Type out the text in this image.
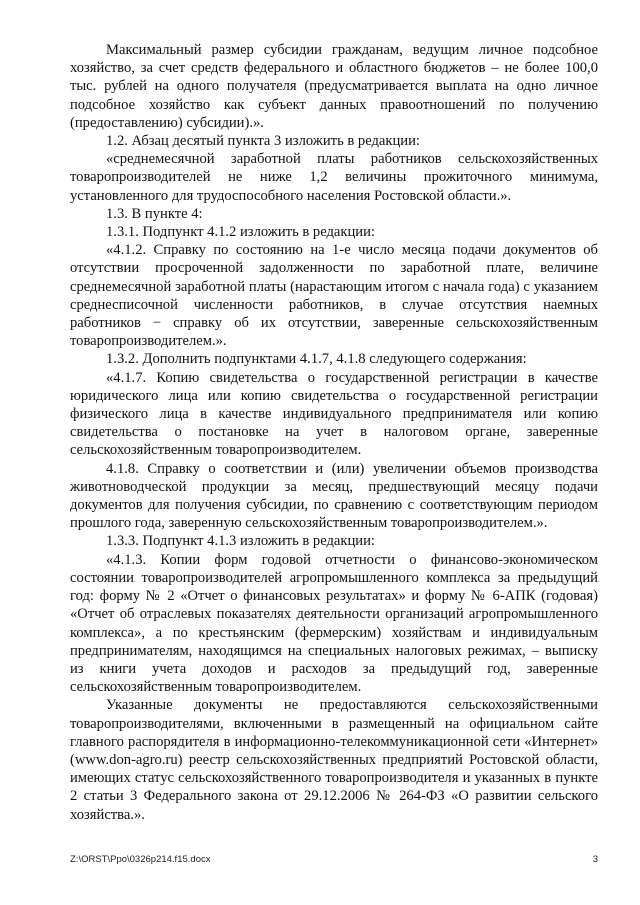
Максимальный размер субсидии гражданам, ведущим личное подсобное хозяйство, за счет средств федерального и областного бюджетов – не более 100,0 тыс. рублей на одного получателя (предусматривается выплата на одно личное подсобное хозяйство как субъект данных правоотношений по получению (предоставлению) субсидии).».

1.2. Абзац десятый пункта 3 изложить в редакции:

«среднемесячной заработной платы работников сельскохозяйственных товаропроизводителей не ниже 1,2 величины прожиточного минимума, установленного для трудоспособного населения Ростовской области.».

1.3. В пункте 4:

1.3.1. Подпункт 4.1.2 изложить в редакции:

«4.1.2. Справку по состоянию на 1-е число месяца подачи документов об отсутствии просроченной задолженности по заработной плате, величине среднемесячной заработной платы (нарастающим итогом с начала года) с указанием среднесписочной численности работников, в случае отсутствия наемных работников − справку об их отсутствии, заверенные сельскохозяйственным товаропроизводителем.».

1.3.2. Дополнить подпунктами 4.1.7, 4.1.8 следующего содержания:

«4.1.7. Копию свидетельства о государственной регистрации в качестве юридического лица или копию свидетельства о государственной регистрации физического лица в качестве индивидуального предпринимателя или копию свидетельства о постановке на учет в налоговом органе, заверенные сельскохозяйственным товаропроизводителем.

4.1.8. Справку о соответствии и (или) увеличении объемов производства животноводческой продукции за месяц, предшествующий месяцу подачи документов для получения субсидии, по сравнению с соответствующим периодом прошлого года, заверенную сельскохозяйственным товаропроизводителем.».

1.3.3. Подпункт 4.1.3 изложить в редакции:

«4.1.3. Копии форм годовой отчетности о финансово-экономическом состоянии товаропроизводителей агропромышленного комплекса за предыдущий год: форму № 2 «Отчет о финансовых результатах» и форму № 6-АПК (годовая) «Отчет об отраслевых показателях деятельности организаций агропромышленного комплекса», а по крестьянским (фермерским) хозяйствам и индивидуальным предпринимателям, находящимся на специальных налоговых режимах, – выписку из книги учета доходов и расходов за предыдущий год, заверенные сельскохозяйственным товаропроизводителем.

Указанные документы не предоставляются сельскохозяйственными товаропроизводителями, включенными в размещенный на официальном сайте главного распорядителя в информационно-телекоммуникационной сети «Интернет» (www.don-agro.ru) реестр сельскохозяйственных предприятий Ростовской области, имеющих статус сельскохозяйственного товаропроизводителя и указанных в пункте 2 статьи 3 Федерального закона от 29.12.2006 № 264-ФЗ «О развитии сельского хозяйства.».

Z:\ORST\Ppo\0326p214.f15.docx	3
